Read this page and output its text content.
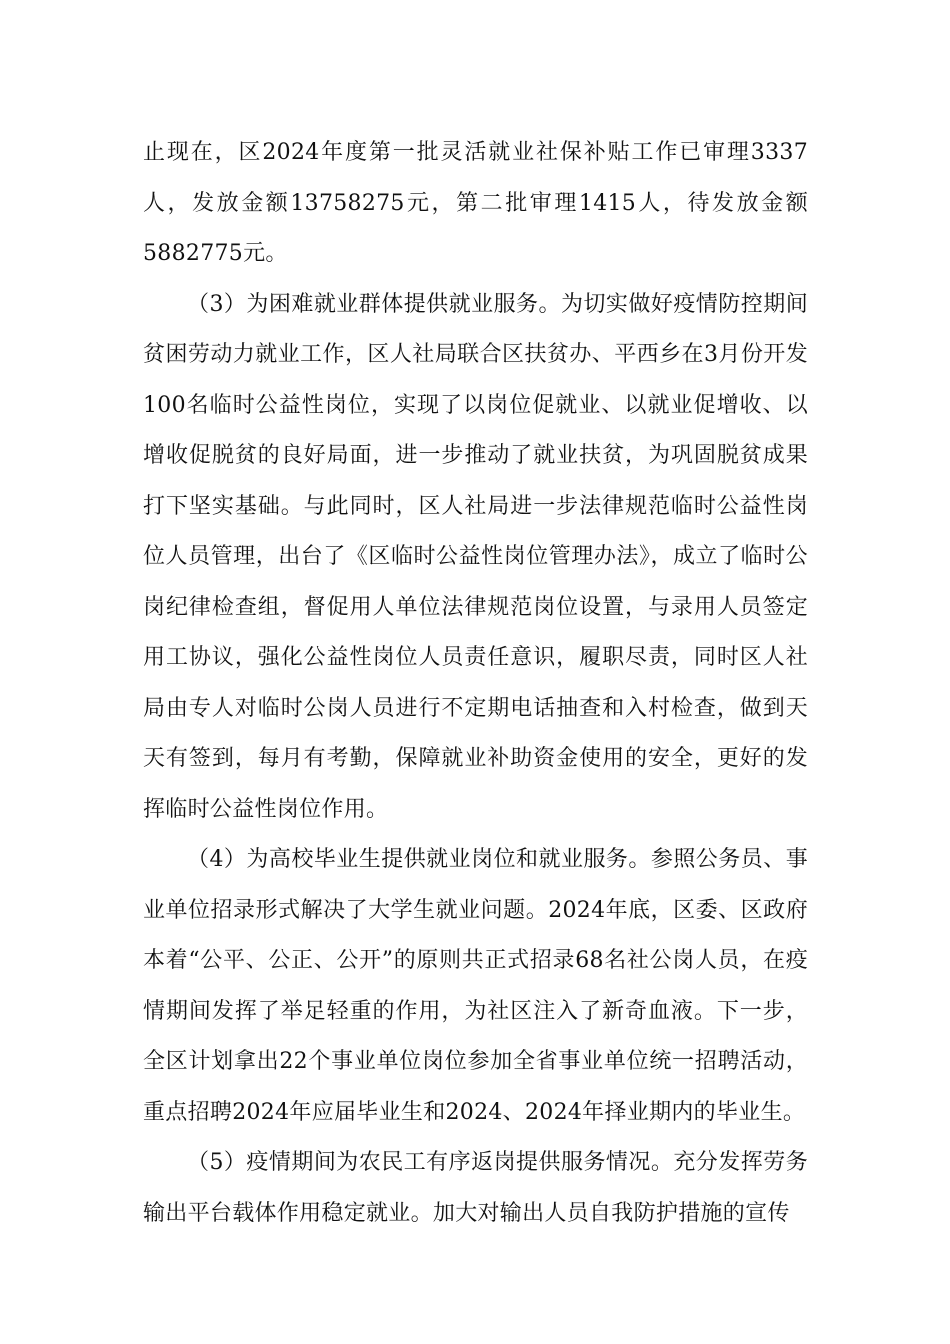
止现在，区2024年度第一批灵活就业社保补贴工作已审理3337人，发放金额13758275元，第二批审理1415人，待发放金额5882775元。

（3）为困难就业群体提供就业服务。为切实做好疫情防控期间贫困劳动力就业工作，区人社局联合区扶贫办、平西乡在3月份开发100名临时公益性岗位，实现了以岗位促就业、以就业促增收、以增收促脱贫的良好局面，进一步推动了就业扶贫，为巩固脱贫成果打下坚实基础。与此同时，区人社局进一步法律规范临时公益性岗位人员管理，出台了《区临时公益性岗位管理办法》，成立了临时公岗纪律检查组，督促用人单位法律规范岗位设置，与录用人员签定用工协议，强化公益性岗位人员责任意识，履职尽责，同时区人社局由专人对临时公岗人员进行不定期电话抽查和入村检查，做到天天有签到，每月有考勤，保障就业补助资金使用的安全，更好的发挥临时公益性岗位作用。

（4）为高校毕业生提供就业岗位和就业服务。参照公务员、事业单位招录形式解决了大学生就业问题。2024年底，区委、区政府本着“公平、公正、公开”的原则共正式招录68名社公岗人员，在疫情期间发挥了举足轻重的作用，为社区注入了新奇血液。下一步，全区计划拿出22个事业单位岗位参加全省事业单位统一招聘活动，重点招聘2024年应届毕业生和2024、2024年择业期内的毕业生。

（5）疫情期间为农民工有序返岗提供服务情况。充分发挥劳务输出平台载体作用稳定就业。加大对输出人员自我防护措施的宣传
